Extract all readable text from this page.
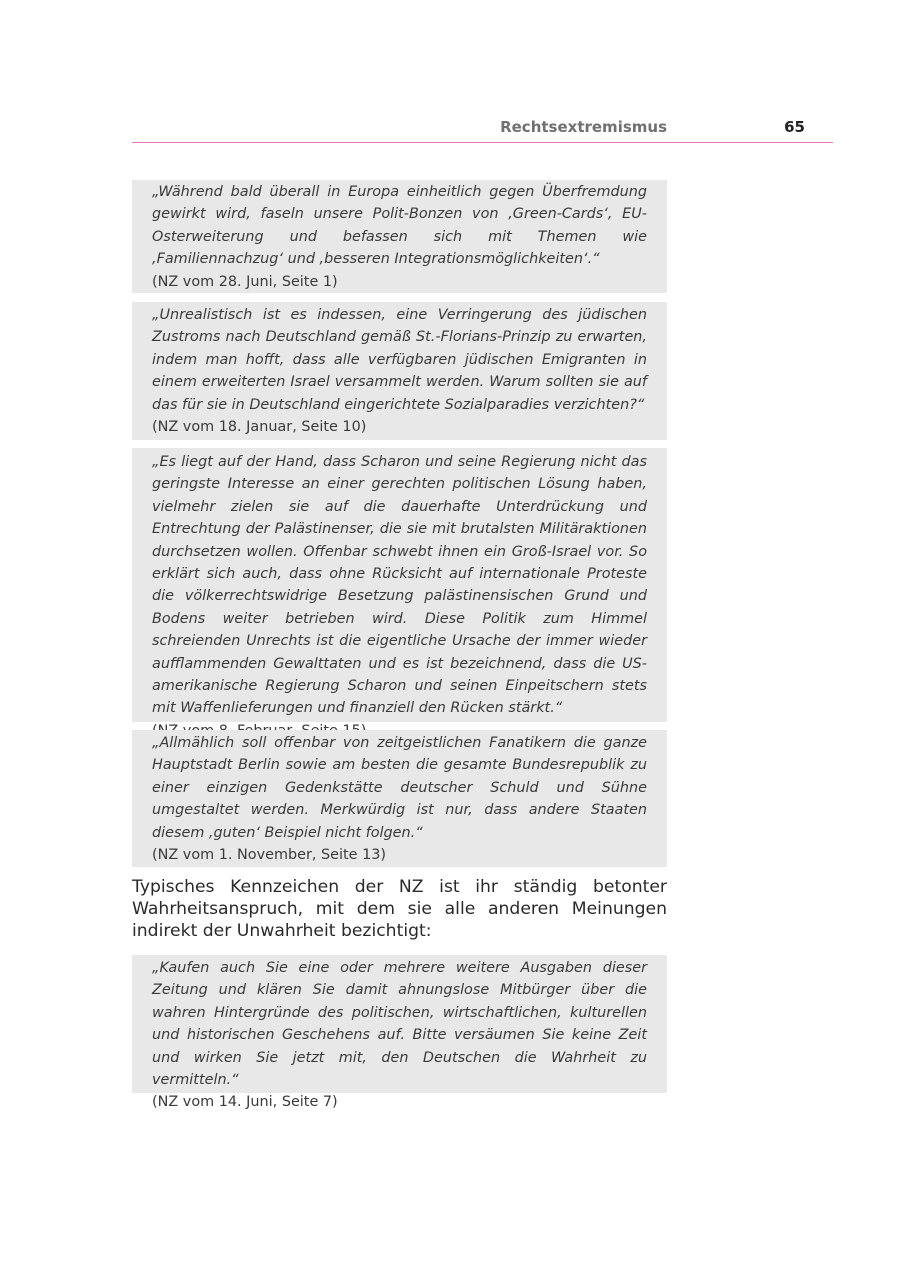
Rechtsextremismus	65
„Während bald überall in Europa einheitlich gegen Überfremdung gewirkt wird, faseln unsere Polit-Bonzen von ‚Green-Cards‘, EU-Osterweiterung und befassen sich mit Themen wie ‚Familiennachzug‘ und ‚besseren Integrationsmöglichkeiten‘.“
(NZ vom 28. Juni, Seite 1)
„Unrealistisch ist es indessen, eine Verringerung des jüdischen Zustroms nach Deutschland gemäß St.-Florians-Prinzip zu erwarten, indem man hofft, dass alle verfügbaren jüdischen Emigranten in einem erweiterten Israel versammelt werden. Warum sollten sie auf das für sie in Deutschland eingerichtete Sozialparadies verzichten?“
(NZ vom 18. Januar, Seite 10)
„Es liegt auf der Hand, dass Scharon und seine Regierung nicht das geringste Interesse an einer gerechten politischen Lösung haben, vielmehr zielen sie auf die dauerhafte Unterdrückung und Entrechtung der Palästinenser, die sie mit brutalsten Militäraktionen durchsetzen wollen. Offenbar schwebt ihnen ein Groß-Israel vor. So erklärt sich auch, dass ohne Rücksicht auf internationale Proteste die völkerrechtswidrige Besetzung palästinensischen Grund und Bodens weiter betrieben wird. Diese Politik zum Himmel schreienden Unrechts ist die eigentliche Ursache der immer wieder aufflammenden Gewalttaten und es ist bezeichnend, dass die US-amerikanische Regierung Scharon und seinen Einpeitschern stets mit Waffenlieferungen und finanziell den Rücken stärkt.“
„Allmählich soll offenbar von zeitgeistlichen Fanatikern die ganze Hauptstadt Berlin sowie am besten die gesamte Bundesrepublik zu einer einzigen Gedenkstätte deutscher Schuld und Sühne umgestaltet werden. Merkwürdig ist nur, dass andere Staaten diesem ‚guten‘ Beispiel nicht folgen.“
(NZ vom 1. November, Seite 13)
Typisches Kennzeichen der NZ ist ihr ständig betonter Wahrheitsanspruch, mit dem sie alle anderen Meinungen indirekt der Unwahrheit bezichtigt:
„Kaufen auch Sie eine oder mehrere weitere Ausgaben dieser Zeitung und klären Sie damit ahnungslose Mitbürger über die wahren Hintergründe des politischen, wirtschaftlichen, kulturellen und historischen Geschehens auf. Bitte versäumen Sie keine Zeit und wirken Sie jetzt mit, den Deutschen die Wahrheit zu vermitteln.“
(NZ vom 14. Juni, Seite 7)
